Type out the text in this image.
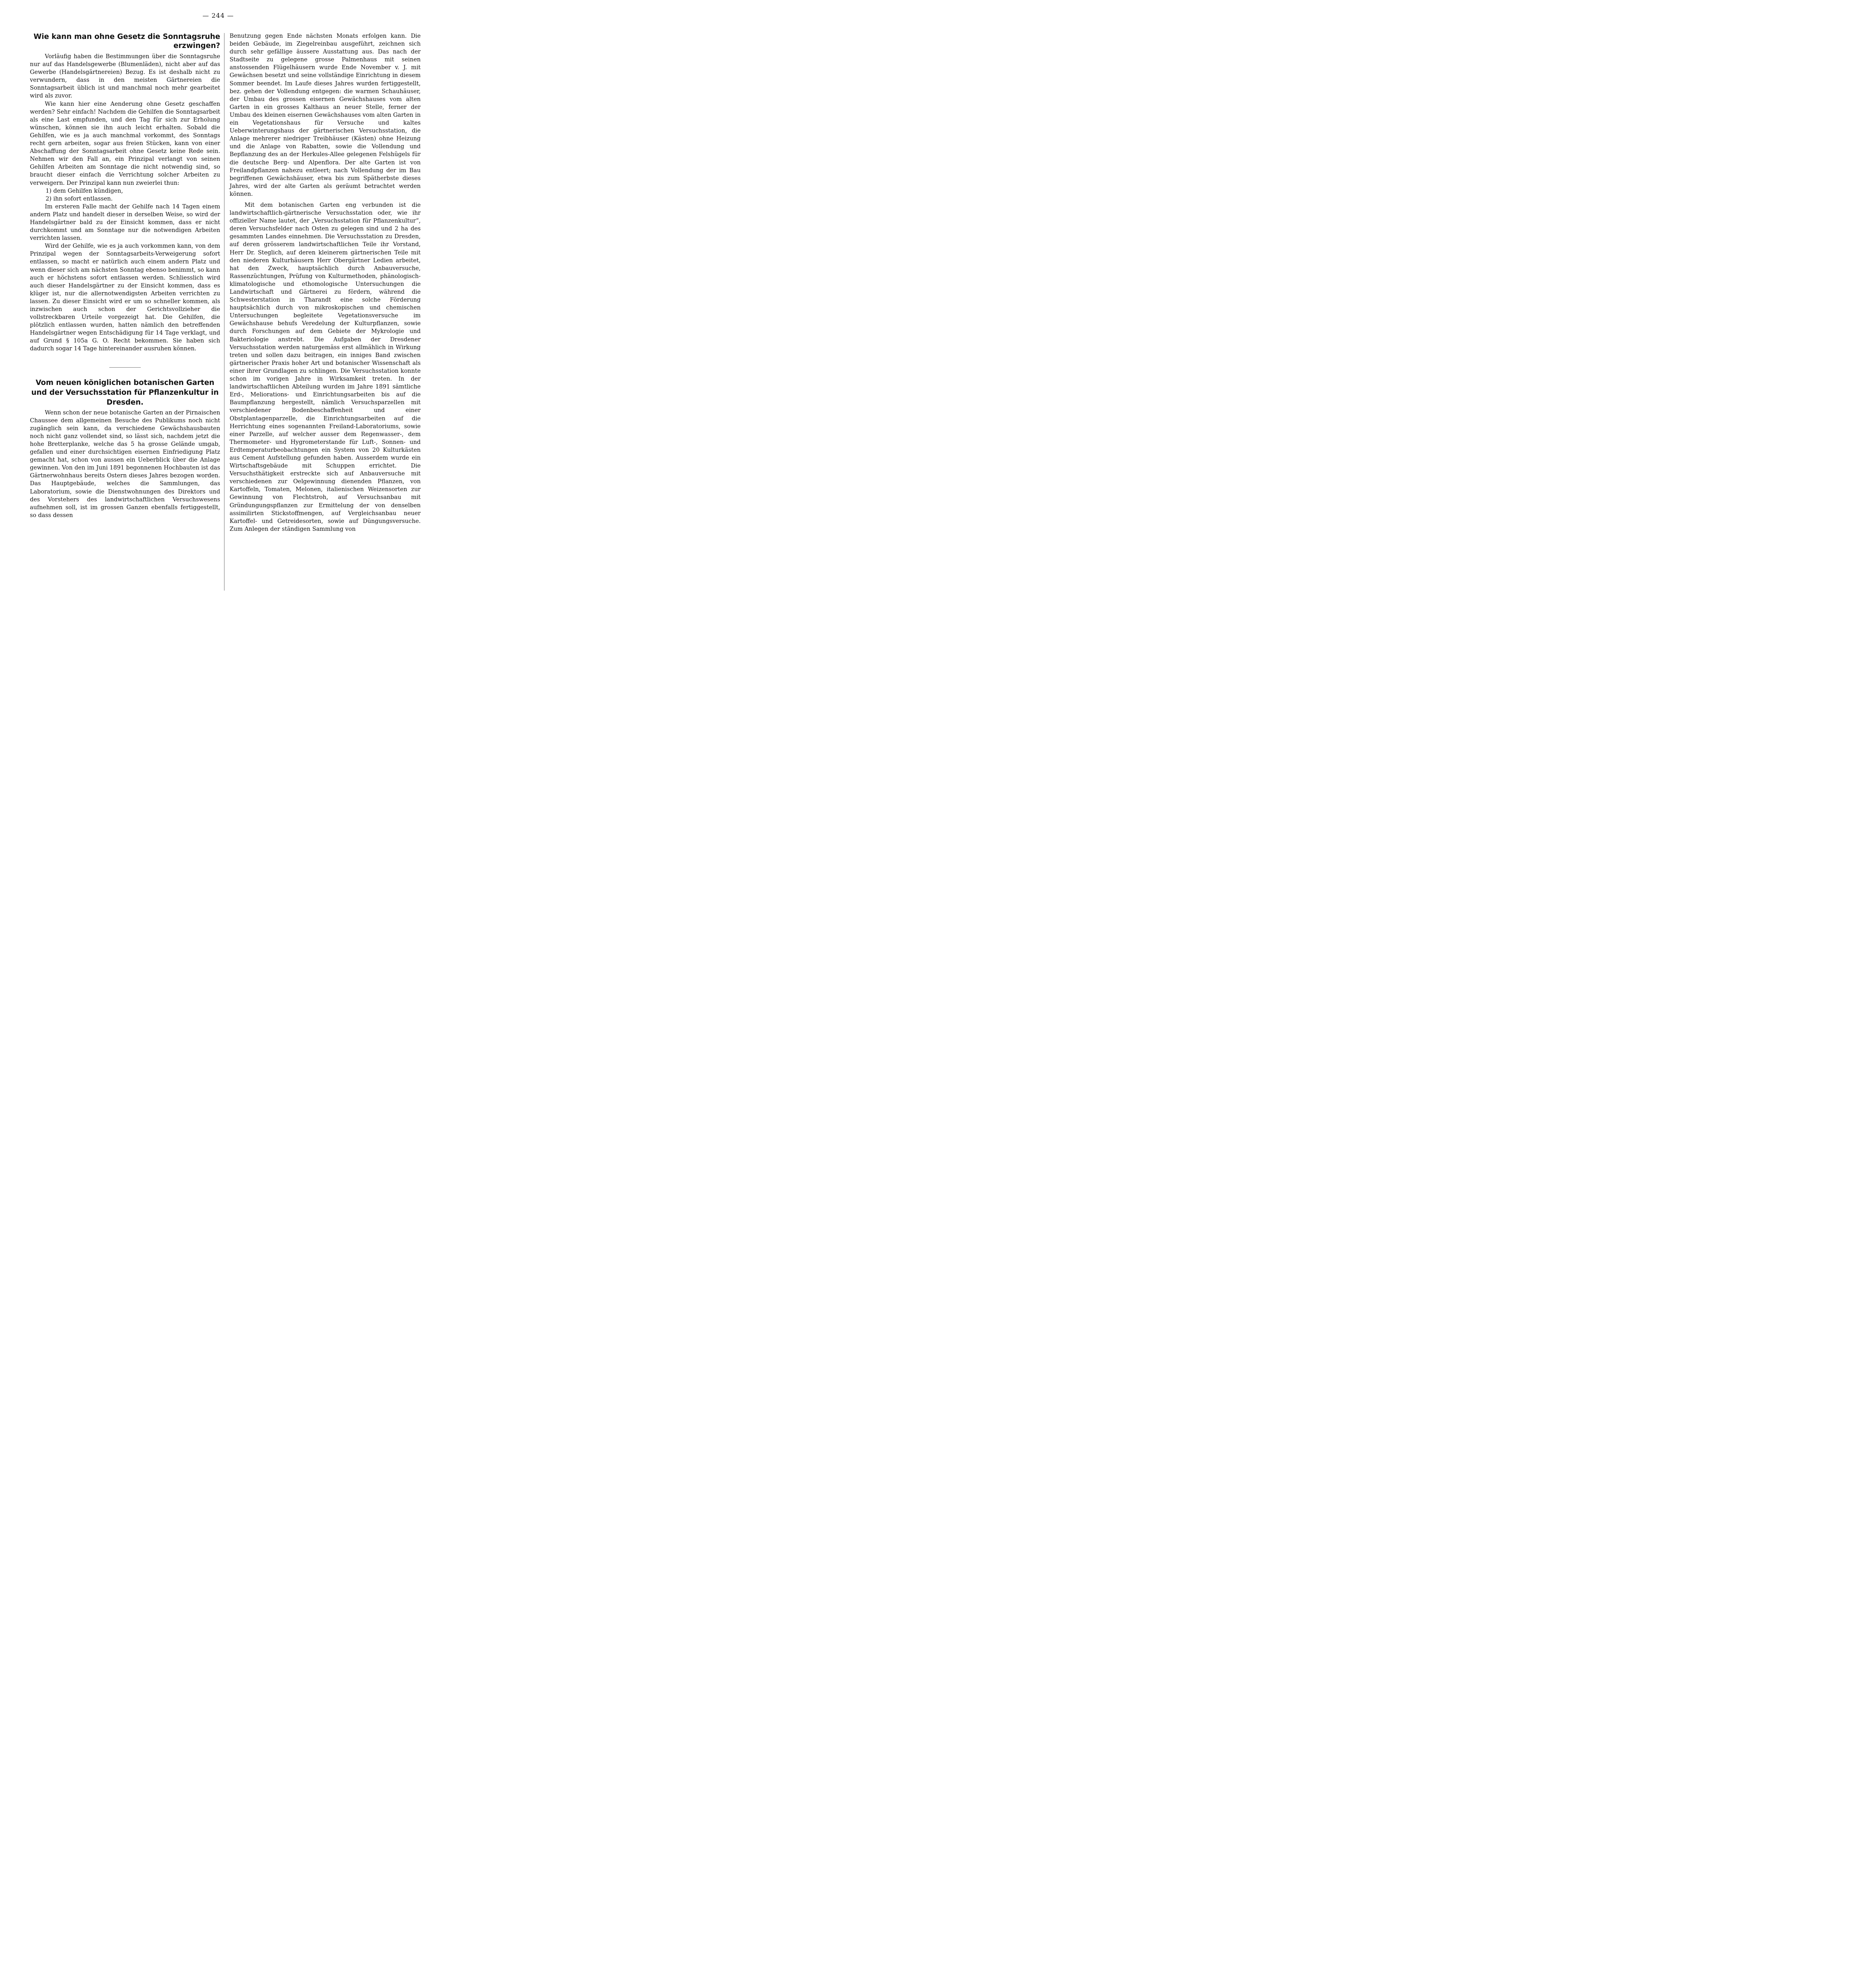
— 244 —
Wie kann man ohne Gesetz die Sonntagsruhe erzwingen?

Vorläufig haben die Bestimmungen über die Sonntagsruhe nur auf das Handelsgewerbe (Blumenläden), nicht aber auf das Gewerbe (Handelsgärtnereien) Bezug. Es ist deshalb nicht zu verwundern, dass in den meisten Gärtnereien die Sonntagsarbeit üblich ist und manchmal noch mehr gearbeitet wird als zuvor.

Wie kann hier eine Aenderung ohne Gesetz geschaffen werden? Sehr einfach! Nachdem die Gehilfen die Sonntagsarbeit als eine Last empfunden, und den Tag für sich zur Erholung wünschen, können sie ihn auch leicht erhalten. Sobald die Gehilfen, wie es ja auch manchmal vorkommt, des Sonntags recht gern arbeiten, sogar aus freien Stücken, kann von einer Abschaffung der Sonntagsarbeit ohne Gesetz keine Rede sein. Nehmen wir den Fall an, ein Prinzipal verlangt von seinen Gehilfen Arbeiten am Sonntage die nicht notwendig sind, so braucht dieser einfach die Verrichtung solcher Arbeiten zu verweigern. Der Prinzipal kann nun zweierlei thun:

1) dem Gehilfen kündigen,

2) ihn sofort entlassen.

Im ersteren Falle macht der Gehilfe nach 14 Tagen einem andern Platz und handelt dieser in derselben Weise, so wird der Handelsgärtner bald zu der Einsicht kommen, dass er nicht durchkommt und am Sonntage nur die notwendigen Arbeiten verrichten lassen.

Wird der Gehilfe, wie es ja auch vorkommen kann, von dem Prinzipal wegen der Sonntagsarbeits-Verweigerung sofort entlassen, so macht er natürlich auch einem andern Platz und wenn dieser sich am nächsten Sonntag ebenso benimmt, so kann auch er höchstens sofort entlassen werden. Schliesslich wird auch dieser Handelsgärtner zu der Einsicht kommen, dass es klüger ist, nur die allernotwendigsten Arbeiten verrichten zu lassen. Zu dieser Einsicht wird er um so schneller kommen, als inzwischen auch schon der Gerichtsvollzieher die vollstreckbaren Urteile vorgezeigt hat. Die Gehilfen, die plötzlich entlassen wurden, hatten nämlich den betreffenden Handelsgärtner wegen Entschädigung für 14 Tage verklagt, und auf Grund § 105a G. O. Recht bekommen. Sie haben sich dadurch sogar 14 Tage hintereinander ausruhen können.

Vom neuen königlichen botanischen Garten und der Versuchsstation für Pflanzenkultur in Dresden.

Wenn schon der neue botanische Garten an der Pirnaischen Chaussee dem allgemeinen Besuche des Publikums noch nicht zugänglich sein kann, da verschiedene Gewächshausbauten noch nicht ganz vollendet sind, so lässt sich, nachdem jetzt die hohe Bretterplanke, welche das 5 ha grosse Gelände umgab, gefallen und einer durchsichtigen eisernen Einfriedigung Platz gemacht hat, schon von aussen ein Ueberblick über die Anlage gewinnen. Von den im Juni 1891 begonnenen Hochbauten ist das Gärtnerwohnhaus bereits Ostern dieses Jahres bezogen worden. Das Hauptgebäude, welches die Sammlungen, das Laboratorium, sowie die Dienstwohnungen des Direktors und des Vorstehers des landwirtschaftlichen Versuchswesens aufnehmen soll, ist im grossen Ganzen ebenfalls fertiggestellt, so dass dessen

Benutzung gegen Ende nächsten Monats erfolgen kann. Die beiden Gebäude, im Ziegelreinbau ausgeführt, zeichnen sich durch sehr gefällige äussere Ausstattung aus. Das nach der Stadtseite zu gelegene grosse Palmenhaus mit seinen anstossenden Flügelhäusern wurde Ende November v. J. mit Gewächsen besetzt und seine vollständige Einrichtung in diesem Sommer beendet. Im Laufe dieses Jahres wurden fertiggestellt, bez. gehen der Vollendung entgegen: die warmen Schauhäuser, der Umbau des grossen eisernen Gewächshauses vom alten Garten in ein grosses Kalthaus an neuer Stelle, ferner der Umbau des kleinen eisernen Gewächshauses vom alten Garten in ein Vegetationshaus für Versuche und kaltes Ueberwinterungshaus der gärtnerischen Versuchsstation, die Anlage mehrerer niedriger Treibhäuser (Kästen) ohne Heizung und die Anlage von Rabatten, sowie die Vollendung und Bepflanzung des an der Herkules-Allee gelegenen Felshügels für die deutsche Berg- und Alpenflora. Der alte Garten ist von Freilandpflanzen nahezu entleert; nach Vollendung der im Bau begriffenen Gewächshäuser, etwa bis zum Spätherbste dieses Jahres, wird der alte Garten als geräumt betrachtet werden können.

Mit dem botanischen Garten eng verbunden ist die landwirtschaftlich-gärtnerische Versuchsstation oder, wie ihr offizieller Name lautet, der „Versuchsstation für Pflanzenkultur“, deren Versuchsfelder nach Osten zu gelegen sind und 2 ha des gesammten Landes einnehmen. Die Versuchsstation zu Dresden, auf deren grösserem landwirtschaftlichen Teile ihr Vorstand, Herr Dr. Steglich, auf deren kleinerem gärtnerischen Teile mit den niederen Kulturhäusern Herr Obergärtner Ledien arbeitet, hat den Zweck, hauptsächlich durch Anbauversuche, Rassenzüchtungen, Prüfung von Kulturmethoden, phänologisch-klimatologische und ethomologische Untersuchungen die Landwirtschaft und Gärtnerei zu fördern, während die Schwesterstation in Tharandt eine solche Förderung hauptsächlich durch von mikroskopischen und chemischen Untersuchungen begleitete Vegetationsversuche im Gewächshause behufs Veredelung der Kulturpflanzen, sowie durch Forschungen auf dem Gebiete der Mykrologie und Bakteriologie anstrebt. Die Aufgaben der Dresdener Versuchsstation werden naturgemäss erst allmählich in Wirkung treten und sollen dazu beitragen, ein inniges Band zwischen gärtnerischer Praxis hoher Art und botanischer Wissenschaft als einer ihrer Grundlagen zu schlingen. Die Versuchsstation konnte schon im vorigen Jahre in Wirksamkeit treten. In der landwirtschaftlichen Abteilung wurden im Jahre 1891 sämtliche Erd-, Meliorations- und Einrichtungsarbeiten bis auf die Baumpflanzung hergestellt, nämlich Versuchsparzellen mit verschiedener Bodenbeschaffenheit und einer Obstplantagenparzelle, die Einrichtungsarbeiten auf die Herrichtung eines sogenannten Freiland-Laboratoriums, sowie einer Parzelle, auf welcher ausser dem Regenwasser-, dem Thermometer- und Hygrometerstande für Luft-, Sonnen- und Erdtemperaturbeobachtungen ein System von 20 Kulturkästen aus Cement Aufstellung gefunden haben. Ausserdem wurde ein Wirtschaftsgebäude mit Schuppen errichtet. Die Versuchsthätigkeit erstreckte sich auf Anbauversuche mit verschiedenen zur Oelgewinnung dienenden Pflanzen, von Kartoffeln, Tomaten, Melonen, italienischen Weizensorten zur Gewinnung von Flechtstroh, auf Versuchsanbau mit Gründungungspflanzen zur Ermittelung der von denselben assimilirten Stickstoffmengen, auf Vergleichsanbau neuer Kartoffel- und Getreidesorten, sowie auf Düngungsversuche. Zum Anlegen der ständigen Sammlung von
